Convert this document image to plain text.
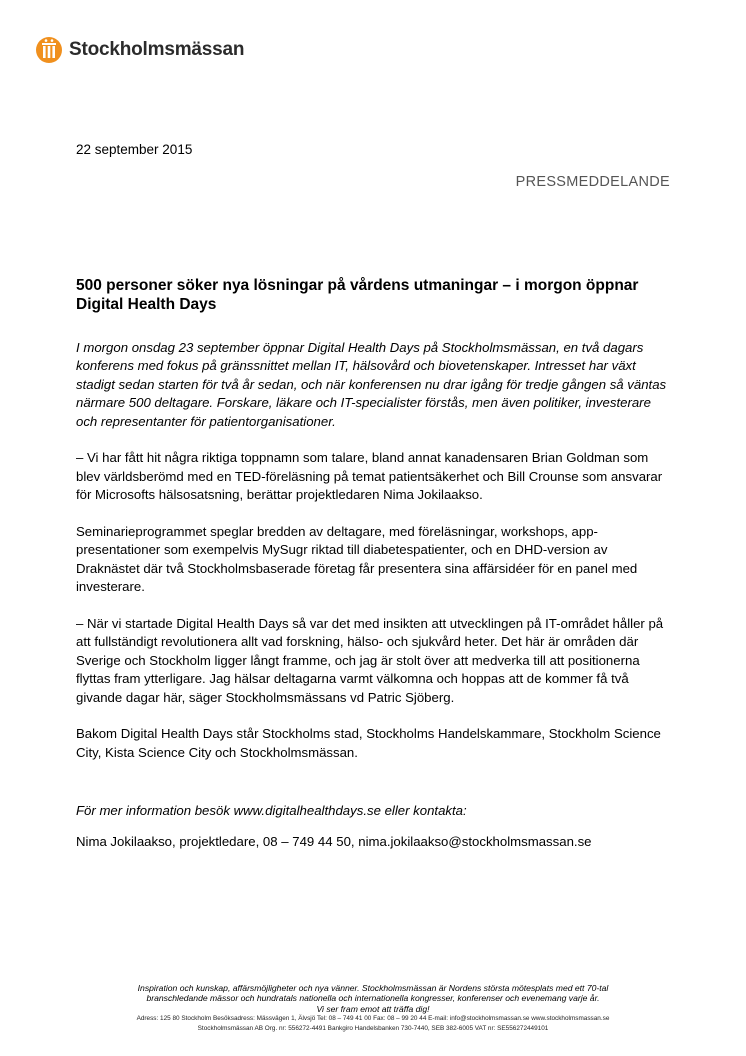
Stockholmsmässan
22 september 2015
PRESSMEDDELANDE
500 personer söker nya lösningar på vårdens utmaningar – i morgon öppnar Digital Health Days

I morgon onsdag 23 september öppnar Digital Health Days på Stockholmsmässan, en två dagars konferens med fokus på gränssnittet mellan IT, hälsovård och biovetenskaper. Intresset har växt stadigt sedan starten för två år sedan, och när konferensen nu drar igång för tredje gången så väntas närmare 500 deltagare. Forskare, läkare och IT-specialister förstås, men även politiker, investerare och representanter för patientorganisationer.

– Vi har fått hit några riktiga toppnamn som talare, bland annat kanadensaren Brian Goldman som blev världsberömd med en TED-föreläsning på temat patientsäkerhet och Bill Crounse som ansvarar för Microsofts hälsosatsning, berättar projektledaren Nima Jokilaakso.

Seminarieprogrammet speglar bredden av deltagare, med föreläsningar, workshops, app-presentationer som exempelvis MySugr riktad till diabetespatienter, och en DHD-version av Draknästet där två Stockholmsbaserade företag får presentera sina affärsidéer för en panel med investerare.

– När vi startade Digital Health Days så var det med insikten att utvecklingen på IT-området håller på att fullständigt revolutionera allt vad forskning, hälso- och sjukvård heter. Det här är områden där Sverige och Stockholm ligger långt framme, och jag är stolt över att medverka till att positionerna flyttas fram ytterligare. Jag hälsar deltagarna varmt välkomna och hoppas att de kommer få två givande dagar här, säger Stockholmsmässans vd Patric Sjöberg.

Bakom Digital Health Days står Stockholms stad, Stockholms Handelskammare, Stockholm Science City, Kista Science City och Stockholmsmässan.

För mer information besök www.digitalhealthdays.se eller kontakta:
Nima Jokilaakso, projektledare, 08 – 749 44 50, nima.jokilaakso@stockholmsmassan.se
Inspiration och kunskap, affärsmöjligheter och nya vänner. Stockholmsmässan är Nordens största mötesplats med ett 70-tal
branschledande mässor och hundratals nationella och internationella kongresser, konferenser och evenemang varje år.
Vi ser fram emot att träffa dig!
Adress: 125 80 Stockholm Besöksadress: Mässvägen 1, Älvsjö Tel: 08 – 749 41 00 Fax: 08 – 99 20 44 E-mail: info@stockholmsmassan.se www.stockholmsmassan.se
Stockholmsmässan AB Org. nr: 556272-4491 Bankgiro Handelsbanken 730-7440, SEB 382-6005 VAT nr: SE556272449101
